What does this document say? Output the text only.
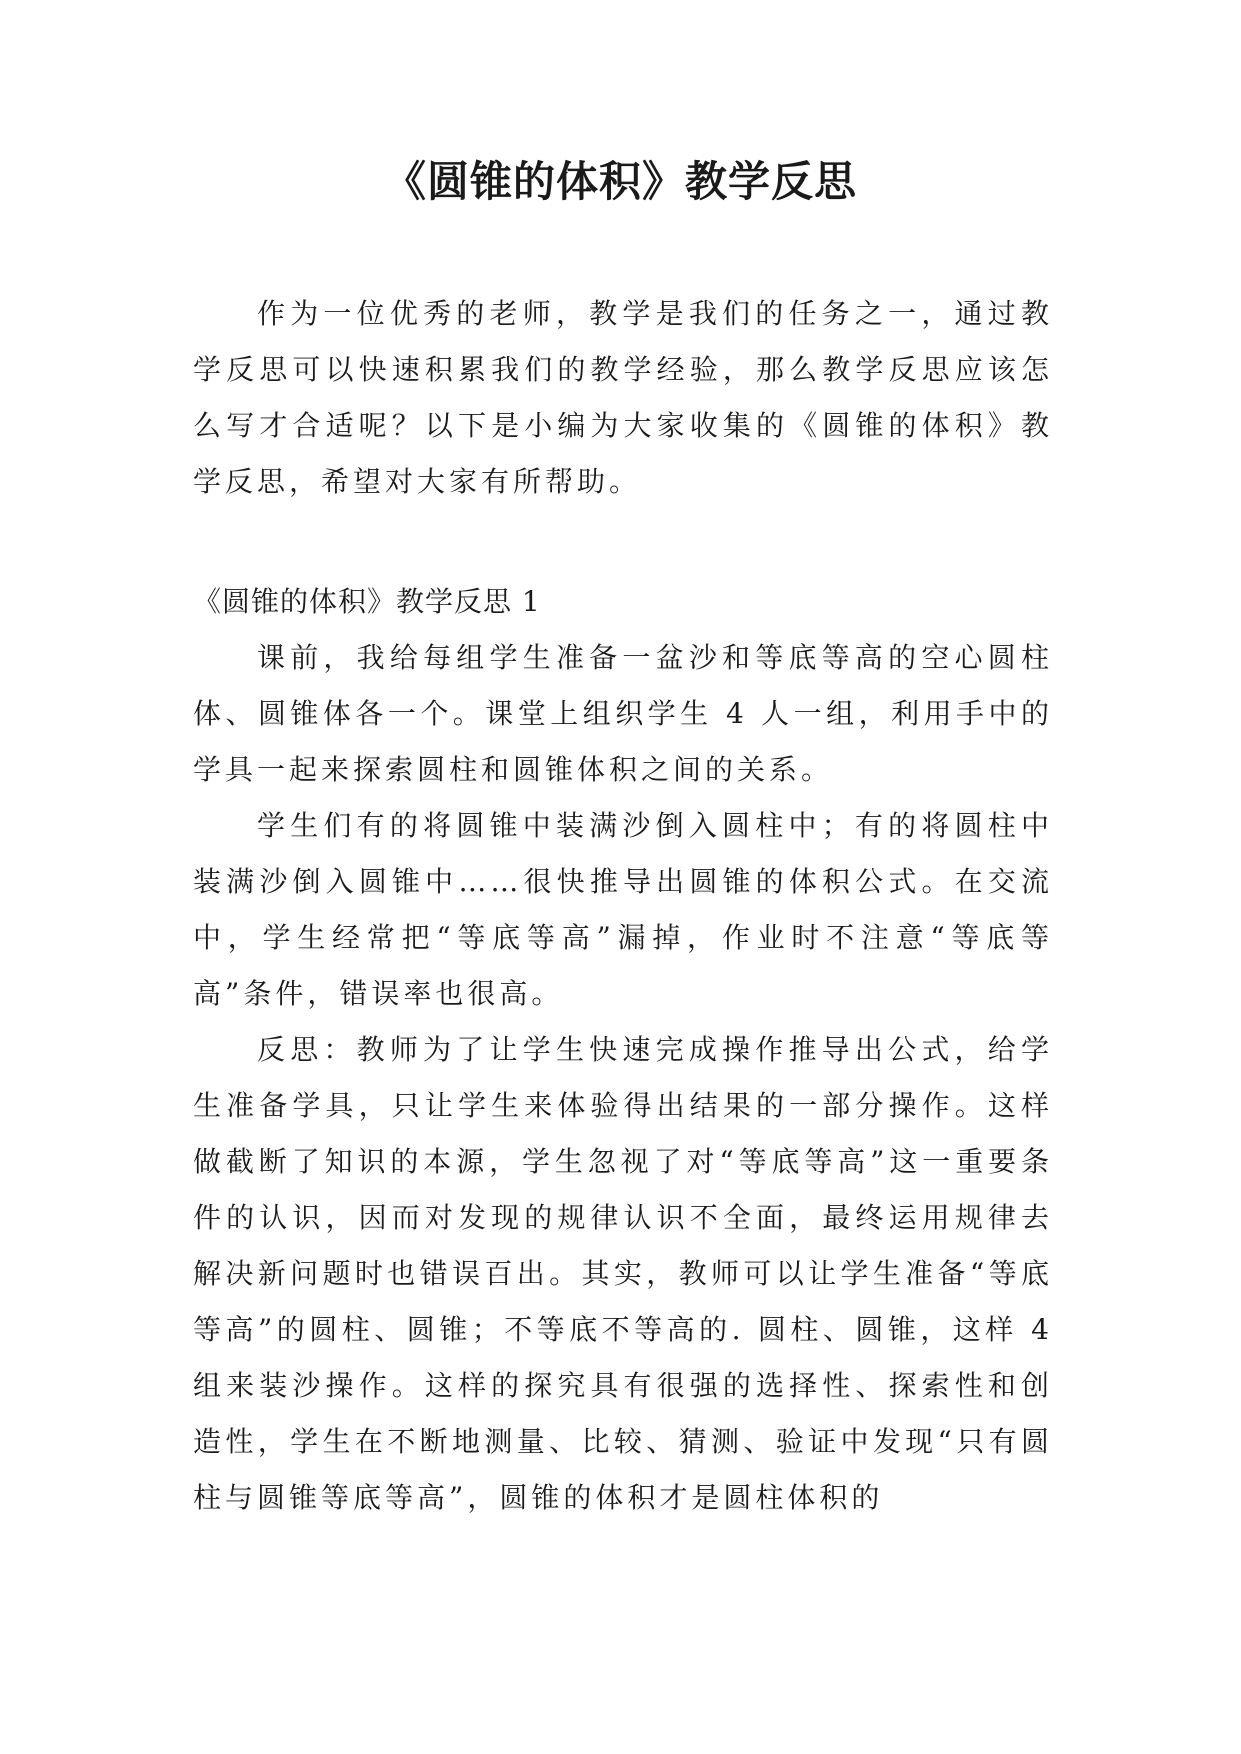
《圆锥的体积》教学反思

作为一位优秀的老师，教学是我们的任务之一，通过教学反思可以快速积累我们的教学经验，那么教学反思应该怎么写才合适呢？以下是小编为大家收集的《圆锥的体积》教学反思，希望对大家有所帮助。

《圆锥的体积》教学反思 1

课前，我给每组学生准备一盆沙和等底等高的空心圆柱体、圆锥体各一个。课堂上组织学生 4 人一组，利用手中的学具一起来探索圆柱和圆锥体积之间的关系。

学生们有的将圆锥中装满沙倒入圆柱中；有的将圆柱中装满沙倒入圆锥中……很快推导出圆锥的体积公式。在交流中，学生经常把“等底等高”漏掉，作业时不注意“等底等高”条件，错误率也很高。

反思：教师为了让学生快速完成操作推导出公式，给学生准备学具，只让学生来体验得出结果的一部分操作。这样做截断了知识的本源，学生忽视了对“等底等高”这一重要条件的认识，因而对发现的规律认识不全面，最终运用规律去解决新问题时也错误百出。其实，教师可以让学生准备“等底等高”的圆柱、圆锥；不等底不等高的. 圆柱、圆锥，这样 4 组来装沙操作。这样的探究具有很强的选择性、探索性和创造性，学生在不断地测量、比较、猜测、验证中发现“只有圆柱与圆锥等底等高”，圆锥的体积才是圆柱体积的
